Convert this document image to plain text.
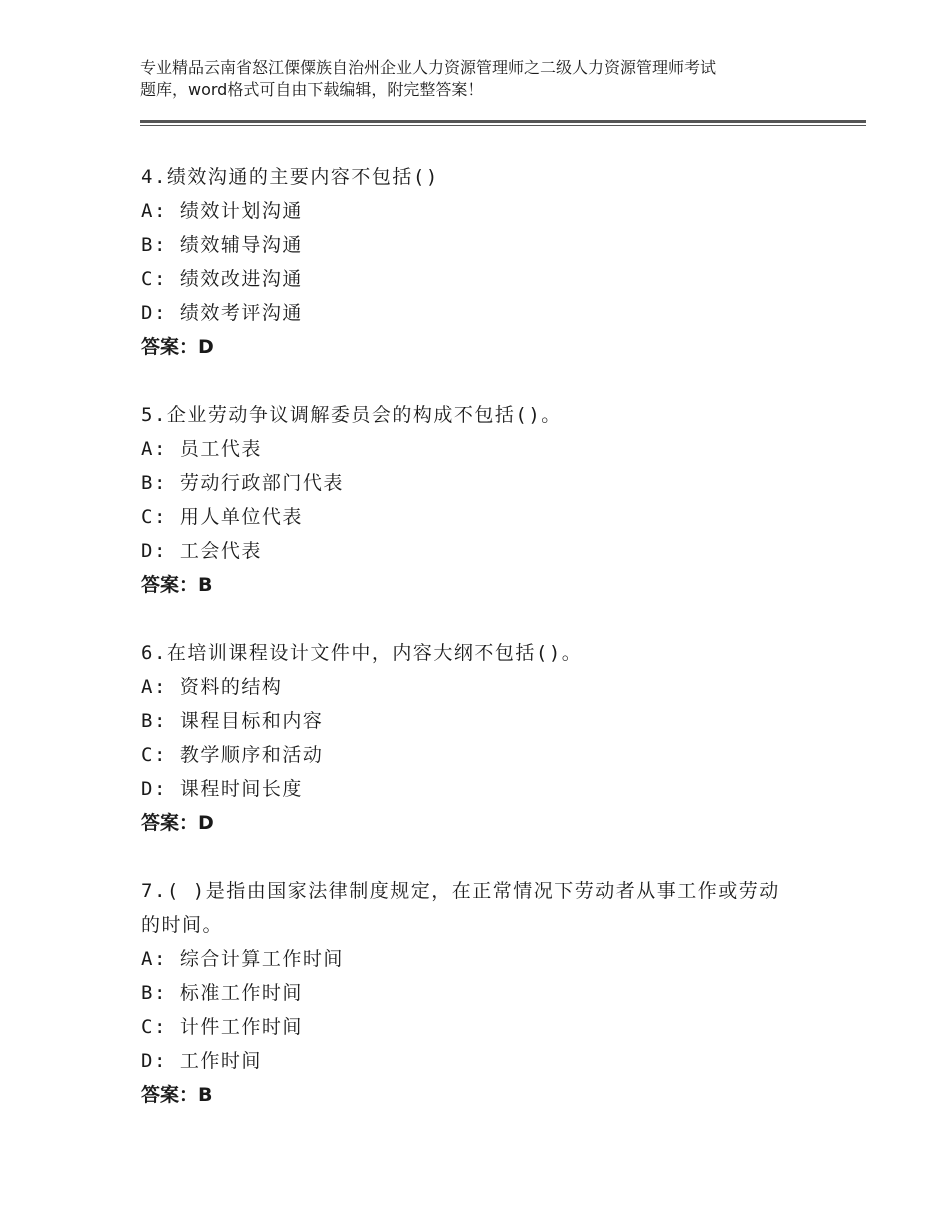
专业精品云南省怒江傈僳族自治州企业人力资源管理师之二级人力资源管理师考试
题库，word格式可自由下载编辑，附完整答案！

4.绩效沟通的主要内容不包括()

A: 绩效计划沟通

B: 绩效辅导沟通

C: 绩效改进沟通

D: 绩效考评沟通

答案：D

5.企业劳动争议调解委员会的构成不包括()。

A: 员工代表

B: 劳动行政部门代表

C: 用人单位代表

D: 工会代表

答案：B

6.在培训课程设计文件中，内容大纲不包括()。

A: 资料的结构

B: 课程目标和内容

C: 教学顺序和活动

D: 课程时间长度

答案：D

7.( )是指由国家法律制度规定，在正常情况下劳动者从事工作或劳动

的时间。

A: 综合计算工作时间

B: 标准工作时间

C: 计件工作时间

D: 工作时间

答案：B
